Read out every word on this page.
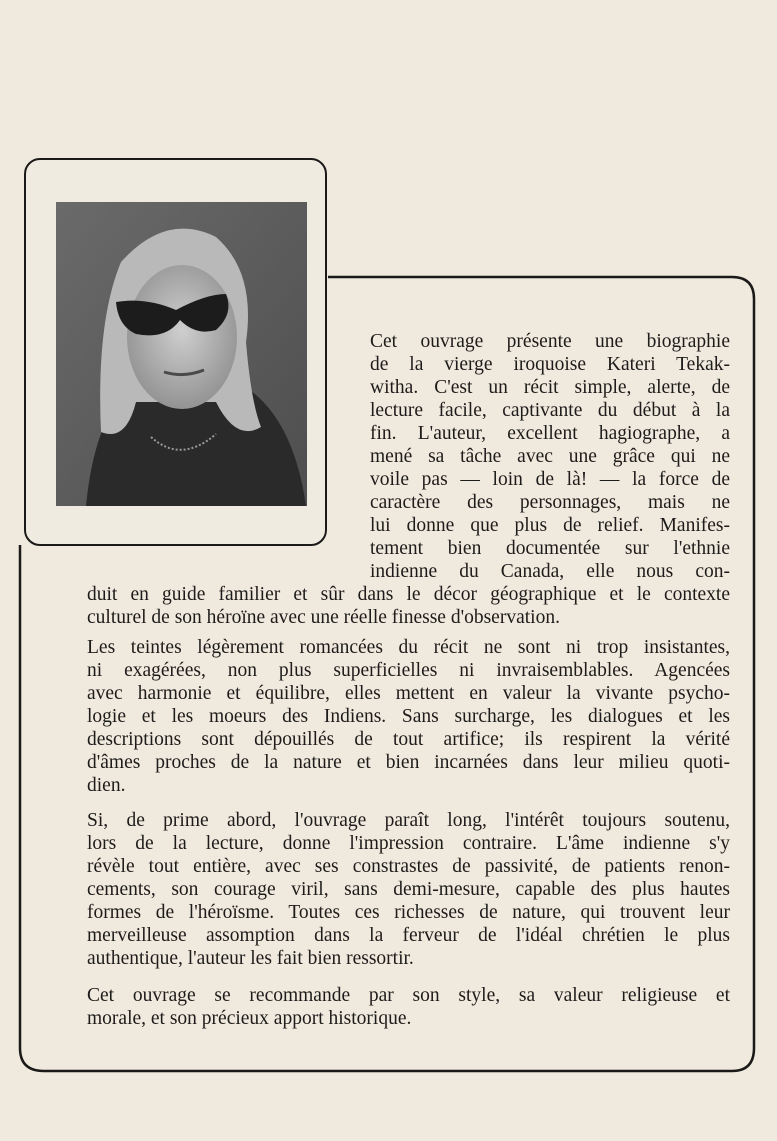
Cet ouvrage présente une biographie
de la vierge iroquoise Kateri Tekak-
witha. C'est un récit simple, alerte, de
lecture facile, captivante du début à la
fin. L'auteur, excellent hagiographe, a
mené sa tâche avec une grâce qui ne
voile pas — loin de là! — la force de
caractère des personnages, mais ne
lui donne que plus de relief. Manifes-
tement bien documentée sur l'ethnie
indienne du Canada, elle nous con-
duit en guide familier et sûr dans le décor géographique et le contexte
culturel de son héroïne avec une réelle finesse d'observation.
Les teintes légèrement romancées du récit ne sont ni trop insistantes,
ni exagérées, non plus superficielles ni invraisemblables. Agencées
avec harmonie et équilibre, elles mettent en valeur la vivante psycho-
logie et les moeurs des Indiens. Sans surcharge, les dialogues et les
descriptions sont dépouillés de tout artifice; ils respirent la vérité
d'âmes proches de la nature et bien incarnées dans leur milieu quoti-
dien.
Si, de prime abord, l'ouvrage paraît long, l'intérêt toujours soutenu,
lors de la lecture, donne l'impression contraire. L'âme indienne s'y
révèle tout entière, avec ses constrastes de passivité, de patients renon-
cements, son courage viril, sans demi-mesure, capable des plus hautes
formes de l'héroïsme. Toutes ces richesses de nature, qui trouvent leur
merveilleuse assomption dans la ferveur de l'idéal chrétien le plus
authentique, l'auteur les fait bien ressortir.
Cet ouvrage se recommande par son style, sa valeur religieuse et
morale, et son précieux apport historique.
